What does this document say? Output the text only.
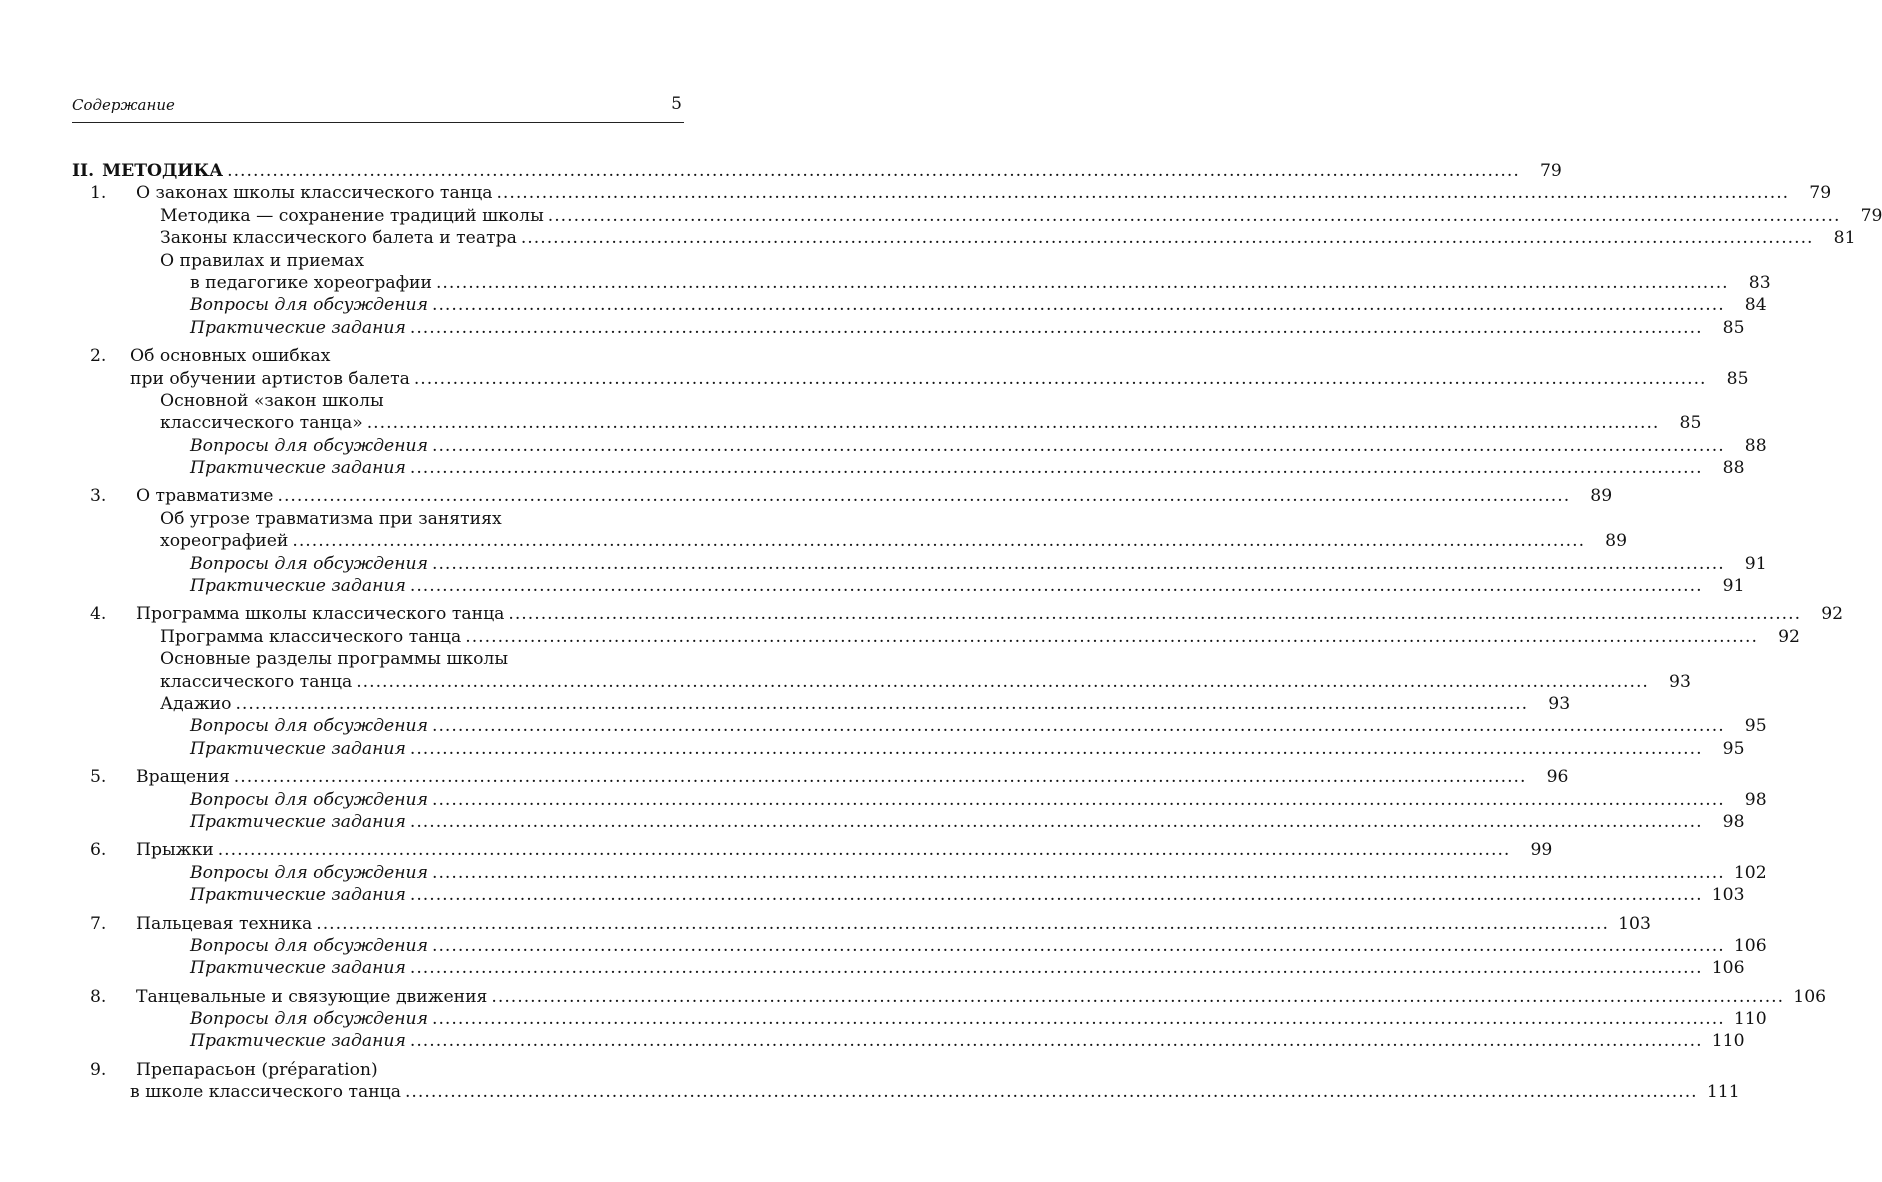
Содержание	5
II. МЕТОДИКА ........................................................................................................................................................................................................	79
1. О законах школы классического танца ........................................................................................................................................................................................................	79
Методика — сохранение традиций школы ........................................................................................................................................................................................................	79
Законы классического балета и театра ........................................................................................................................................................................................................	81
О правилах и приемах
в педагогике хореографии ........................................................................................................................................................................................................	83
Вопросы для обсуждения ........................................................................................................................................................................................................	84
Практические задания ........................................................................................................................................................................................................	85
2. Об основных ошибках
при обучении артистов балета ........................................................................................................................................................................................................	85
Основной «закон школы
классического танца» ........................................................................................................................................................................................................	85
Вопросы для обсуждения ........................................................................................................................................................................................................	88
Практические задания ........................................................................................................................................................................................................	88
3. О травматизме ........................................................................................................................................................................................................	89
Об угрозе травматизма при занятиях
хореографией ........................................................................................................................................................................................................	89
Вопросы для обсуждения ........................................................................................................................................................................................................	91
Практические задания ........................................................................................................................................................................................................	91
4. Программа школы классического танца ........................................................................................................................................................................................................	92
Программа классического танца ........................................................................................................................................................................................................	92
Основные разделы программы школы
классического танца ........................................................................................................................................................................................................	93
Адажио ........................................................................................................................................................................................................	93
Вопросы для обсуждения ........................................................................................................................................................................................................	95
Практические задания ........................................................................................................................................................................................................	95
5. Вращения ........................................................................................................................................................................................................	96
Вопросы для обсуждения ........................................................................................................................................................................................................	98
Практические задания ........................................................................................................................................................................................................	98
6. Прыжки ........................................................................................................................................................................................................	99
Вопросы для обсуждения ........................................................................................................................................................................................................ 102
Практические задания ........................................................................................................................................................................................................ 103
7. Пальцевая техника ........................................................................................................................................................................................................ 103
Вопросы для обсуждения ........................................................................................................................................................................................................ 106
Практические задания ........................................................................................................................................................................................................ 106
8. Танцевальные и связующие движения ........................................................................................................................................................................................................ 106
Вопросы для обсуждения ........................................................................................................................................................................................................ 110
Практические задания ........................................................................................................................................................................................................ 110
9. Препарасьон (préparation)
в школе классического танца ........................................................................................................................................................................................................ 111
